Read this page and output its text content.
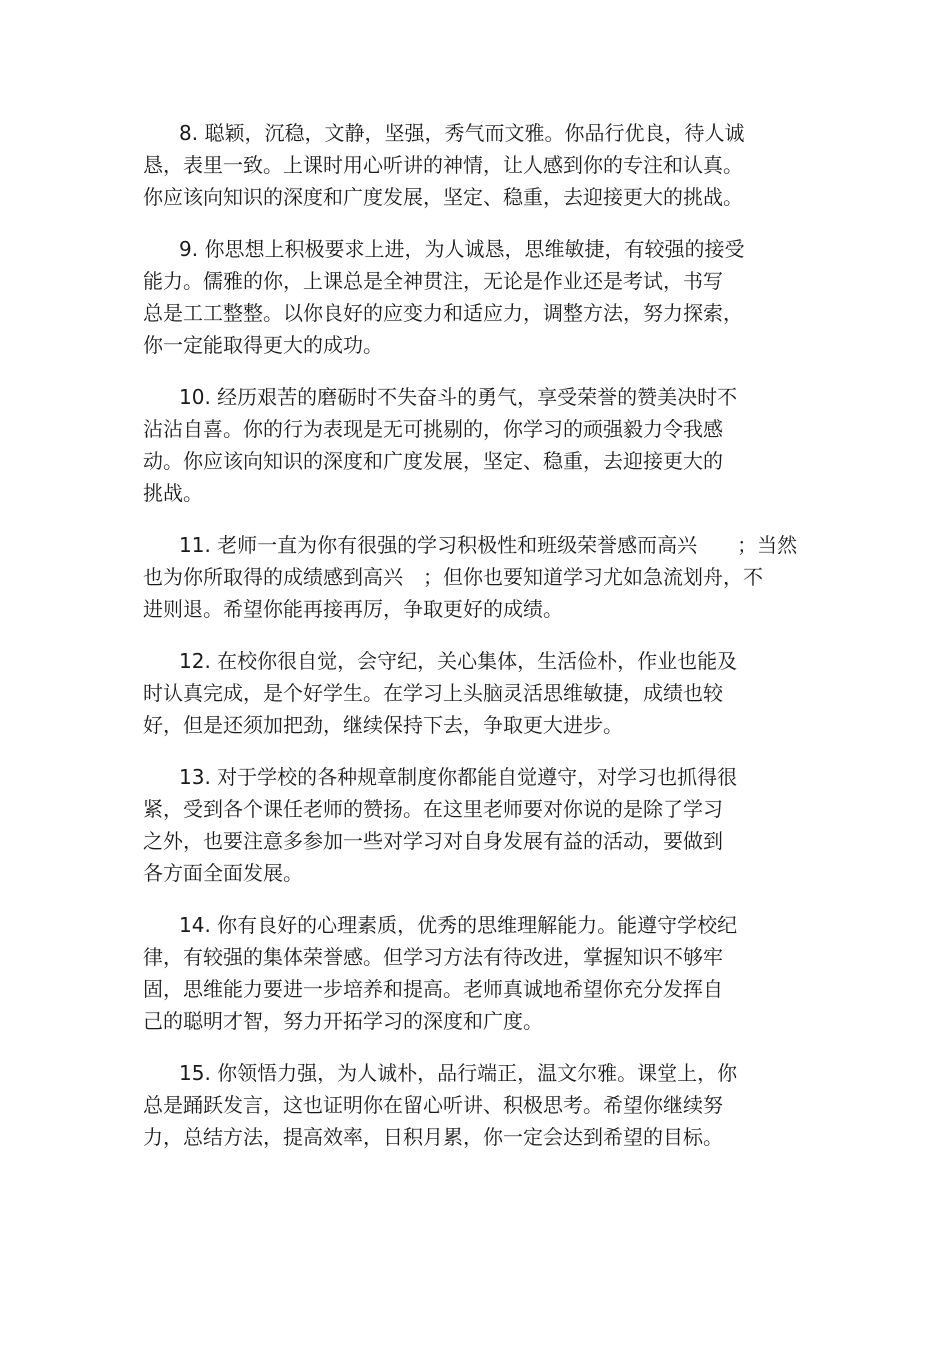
8. 聪颖，沉稳，文静，坚强，秀气而文雅。你品行优良，待人诚
恳，表里一致。上课时用心听讲的神情，让人感到你的专注和认真。
你应该向知识的深度和广度发展，坚定、稳重，去迎接更大的挑战。
9. 你思想上积极要求上进，为人诚恳，思维敏捷，有较强的接受
能力。儒雅的你，上课总是全神贯注，无论是作业还是考试，书写
总是工工整整。以你良好的应变力和适应力，调整方法，努力探索，
你一定能取得更大的成功。
10. 经历艰苦的磨砺时不失奋斗的勇气，享受荣誉的赞美决时不
沾沾自喜。你的行为表现是无可挑剔的，你学习的顽强毅力令我感
动。你应该向知识的深度和广度发展，坚定、稳重，去迎接更大的
挑战。
11. 老师一直为你有很强的学习积极性和班级荣誉感而高兴　　；当然
也为你所取得的成绩感到高兴　；但你也要知道学习尤如急流划舟，不
进则退。希望你能再接再厉，争取更好的成绩。
12. 在校你很自觉，会守纪，关心集体，生活俭朴，作业也能及
时认真完成，是个好学生。在学习上头脑灵活思维敏捷，成绩也较
好，但是还须加把劲，继续保持下去，争取更大进步。
13. 对于学校的各种规章制度你都能自觉遵守，对学习也抓得很
紧，受到各个课任老师的赞扬。在这里老师要对你说的是除了学习
之外，也要注意多参加一些对学习对自身发展有益的活动，要做到
各方面全面发展。
14. 你有良好的心理素质，优秀的思维理解能力。能遵守学校纪
律，有较强的集体荣誉感。但学习方法有待改进，掌握知识不够牢
固，思维能力要进一步培养和提高。老师真诚地希望你充分发挥自
己的聪明才智，努力开拓学习的深度和广度。
15. 你领悟力强，为人诚朴，品行端正，温文尔雅。课堂上，你
总是踊跃发言，这也证明你在留心听讲、积极思考。希望你继续努
力，总结方法，提高效率，日积月累，你一定会达到希望的目标。
